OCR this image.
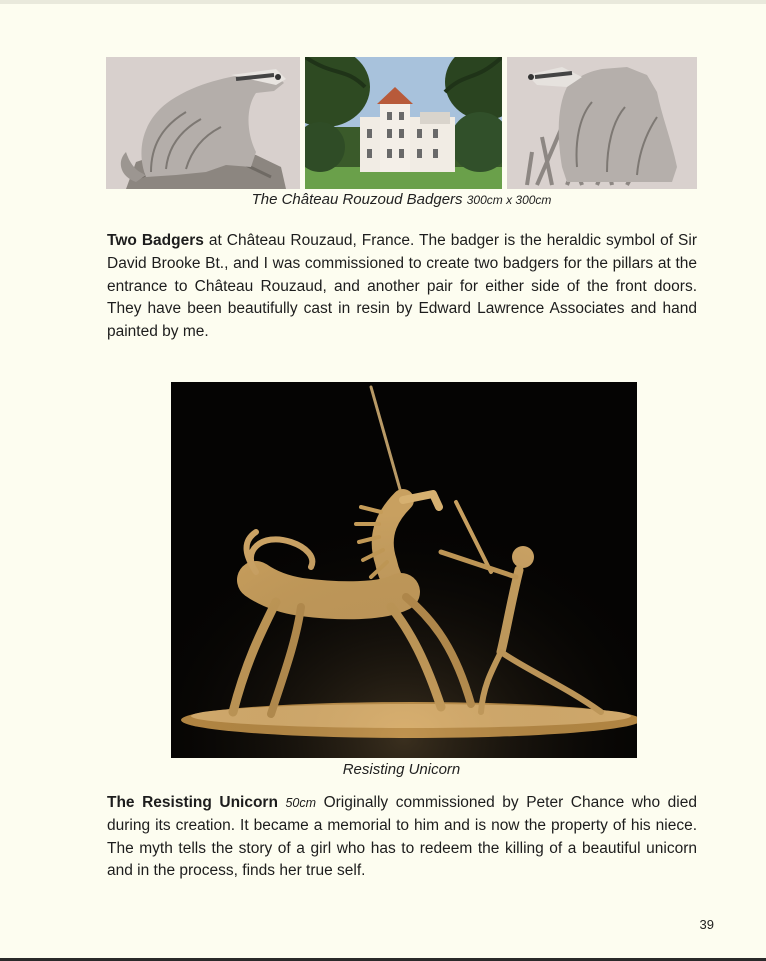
The Château Rouzoud Badgers 300cm x 300cm
Two Badgers at Château Rouzaud, France. The badger is the heraldic symbol of Sir David Brooke Bt., and I was commissioned to create two badgers for the pillars at the entrance to Château Rouzaud, and another pair for either side of the front doors. They have been beautifully cast in resin by Edward Lawrence Associates and hand painted by me.
Resisting Unicorn
The Resisting Unicorn 50cm Originally commissioned by Peter Chance who died during its creation. It became a memorial to him and is now the property of his niece. The myth tells the story of a girl who has to redeem the killing of a beautiful unicorn and in the process, finds her true self.
39
